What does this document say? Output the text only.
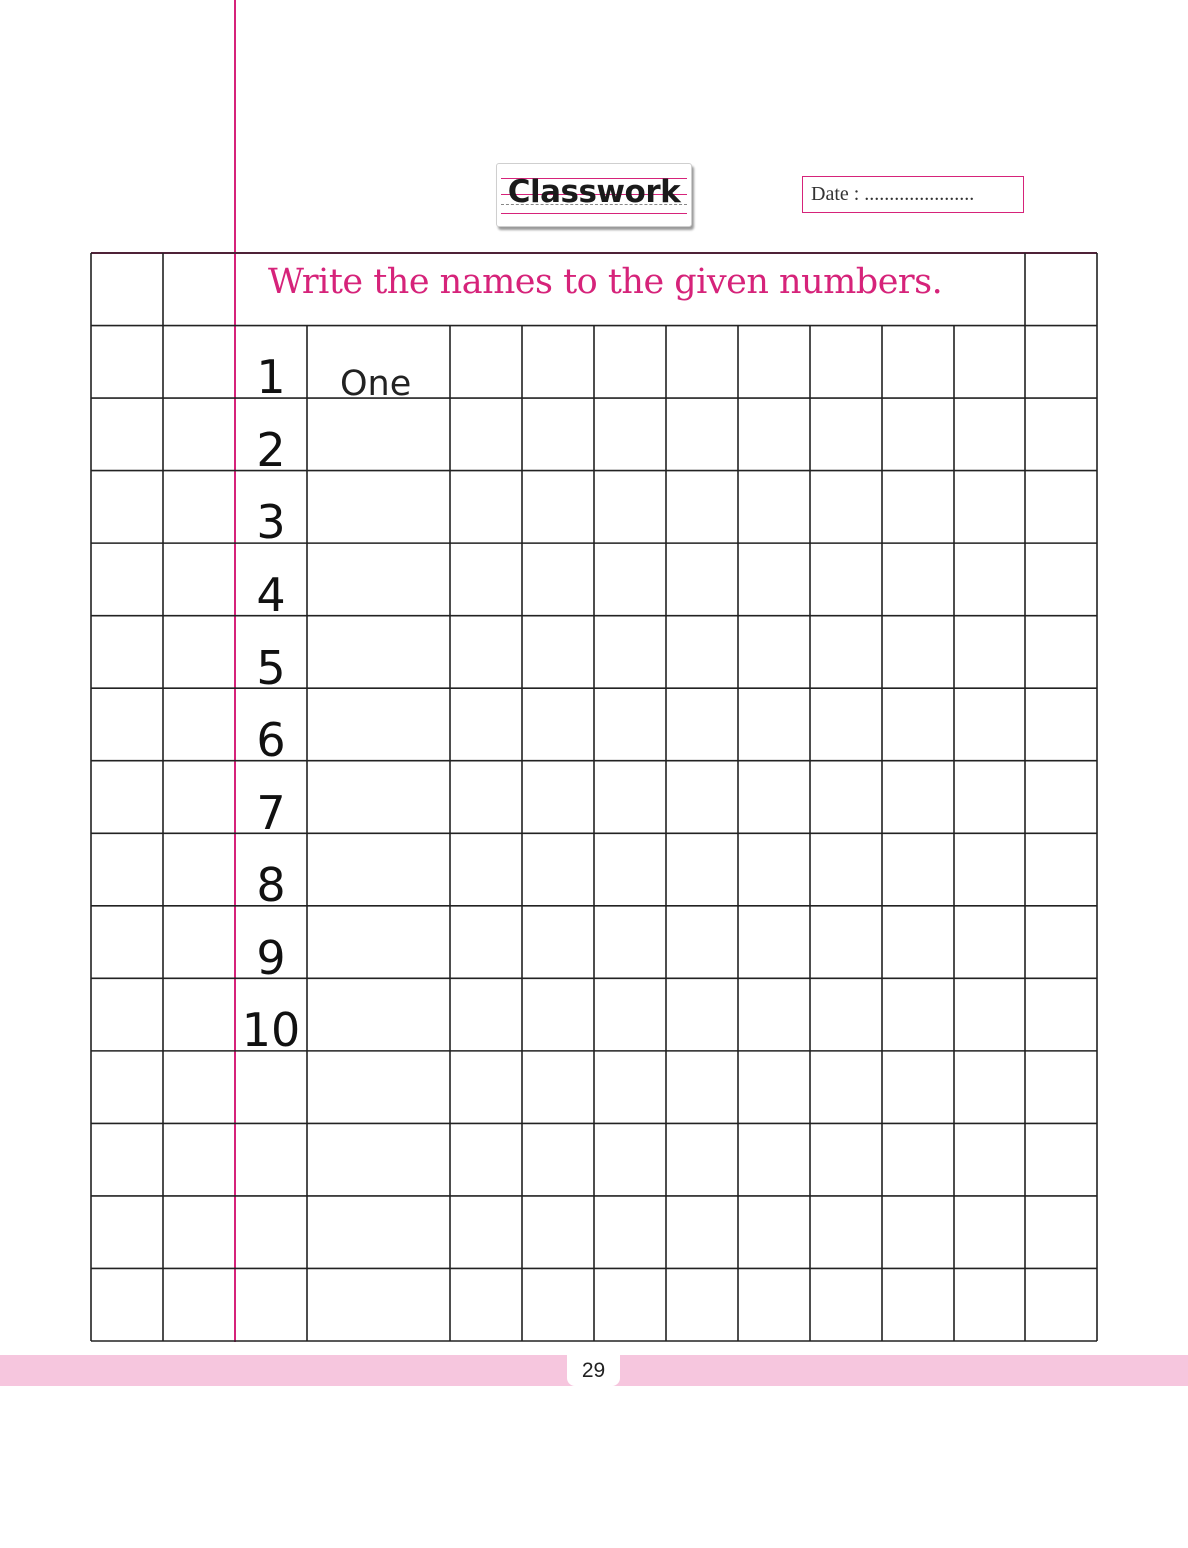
Classwork	Date : ......................
Write the names to the given numbers.
1
2
3
4
5
6
7
8
9
10
One
29
